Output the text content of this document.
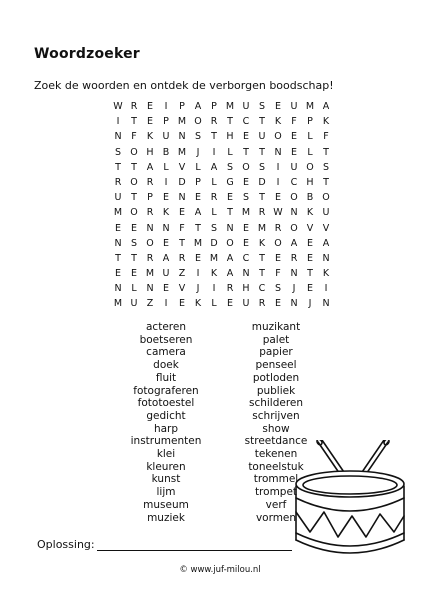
Woordzoeker
Zoek de woorden en ontdek de verborgen boodschap!
W R	E	I	P	A	P M U	S	E	U M A
I	T	E	P M O R	T	C	T	K	F	P	K
N	F	K U N S	T	H E	U O E	L	F
S O H B M	J	I	L	T	T	N E	L	T
T	T	A	L	V	L	A	S O S	I	U O S
R O R	I	D P	L	G E D	I	C H	T
U	T	P	E N E	R	E	S	T	E O B O
M O R	K	E	A	L	T M R W N K U
E	E N N	F	T	S N E M R O V	V
N S O E	T M D O E	K O A	E	A
T	T	R A R	E M A C	T	E	R	E N
E	E M U Z	I	K	A N	T	F	N	T	K
N	L	N E	V	J	I	R H C	S	J	E	I
M U Z	I	E	K	L	E	U R	E N	J	N
acteren
boetseren
camera
doek
fluit
fotograferen
fototoestel
gedicht
harp
instrumenten
klei
kleuren
kunst
lijm
museum
muziek
muzikant
palet
papier
penseel
potloden
publiek
schilderen
schrijven
show
streetdance
tekenen
toneelstuk
trommel
trompet
verf
vormen
Oplossing:
© www.juf-milou.nl
